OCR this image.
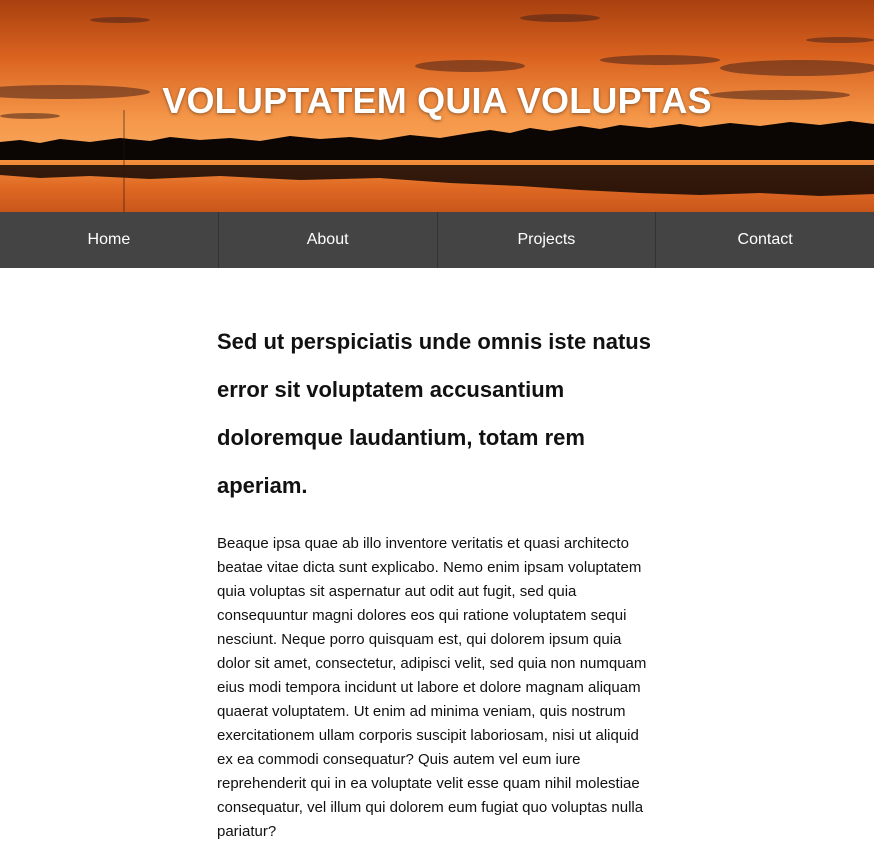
VOLUPTATEM QUIA VOLUPTAS
Home	About	Projects	Contact
Sed ut perspiciatis unde omnis iste natus error sit voluptatem accusantium doloremque laudantium, totam rem aperiam.

Beaque ipsa quae ab illo inventore veritatis et quasi architecto beatae vitae dicta sunt explicabo. Nemo enim ipsam voluptatem quia voluptas sit aspernatur aut odit aut fugit, sed quia consequuntur magni dolores eos qui ratione voluptatem sequi nesciunt. Neque porro quisquam est, qui dolorem ipsum quia dolor sit amet, consectetur, adipisci velit, sed quia non numquam eius modi tempora incidunt ut labore et dolore magnam aliquam quaerat voluptatem. Ut enim ad minima veniam, quis nostrum exercitationem ullam corporis suscipit laboriosam, nisi ut aliquid ex ea commodi consequatur? Quis autem vel eum iure reprehenderit qui in ea voluptate velit esse quam nihil molestiae consequatur, vel illum qui dolorem eum fugiat quo voluptas nulla pariatur?
